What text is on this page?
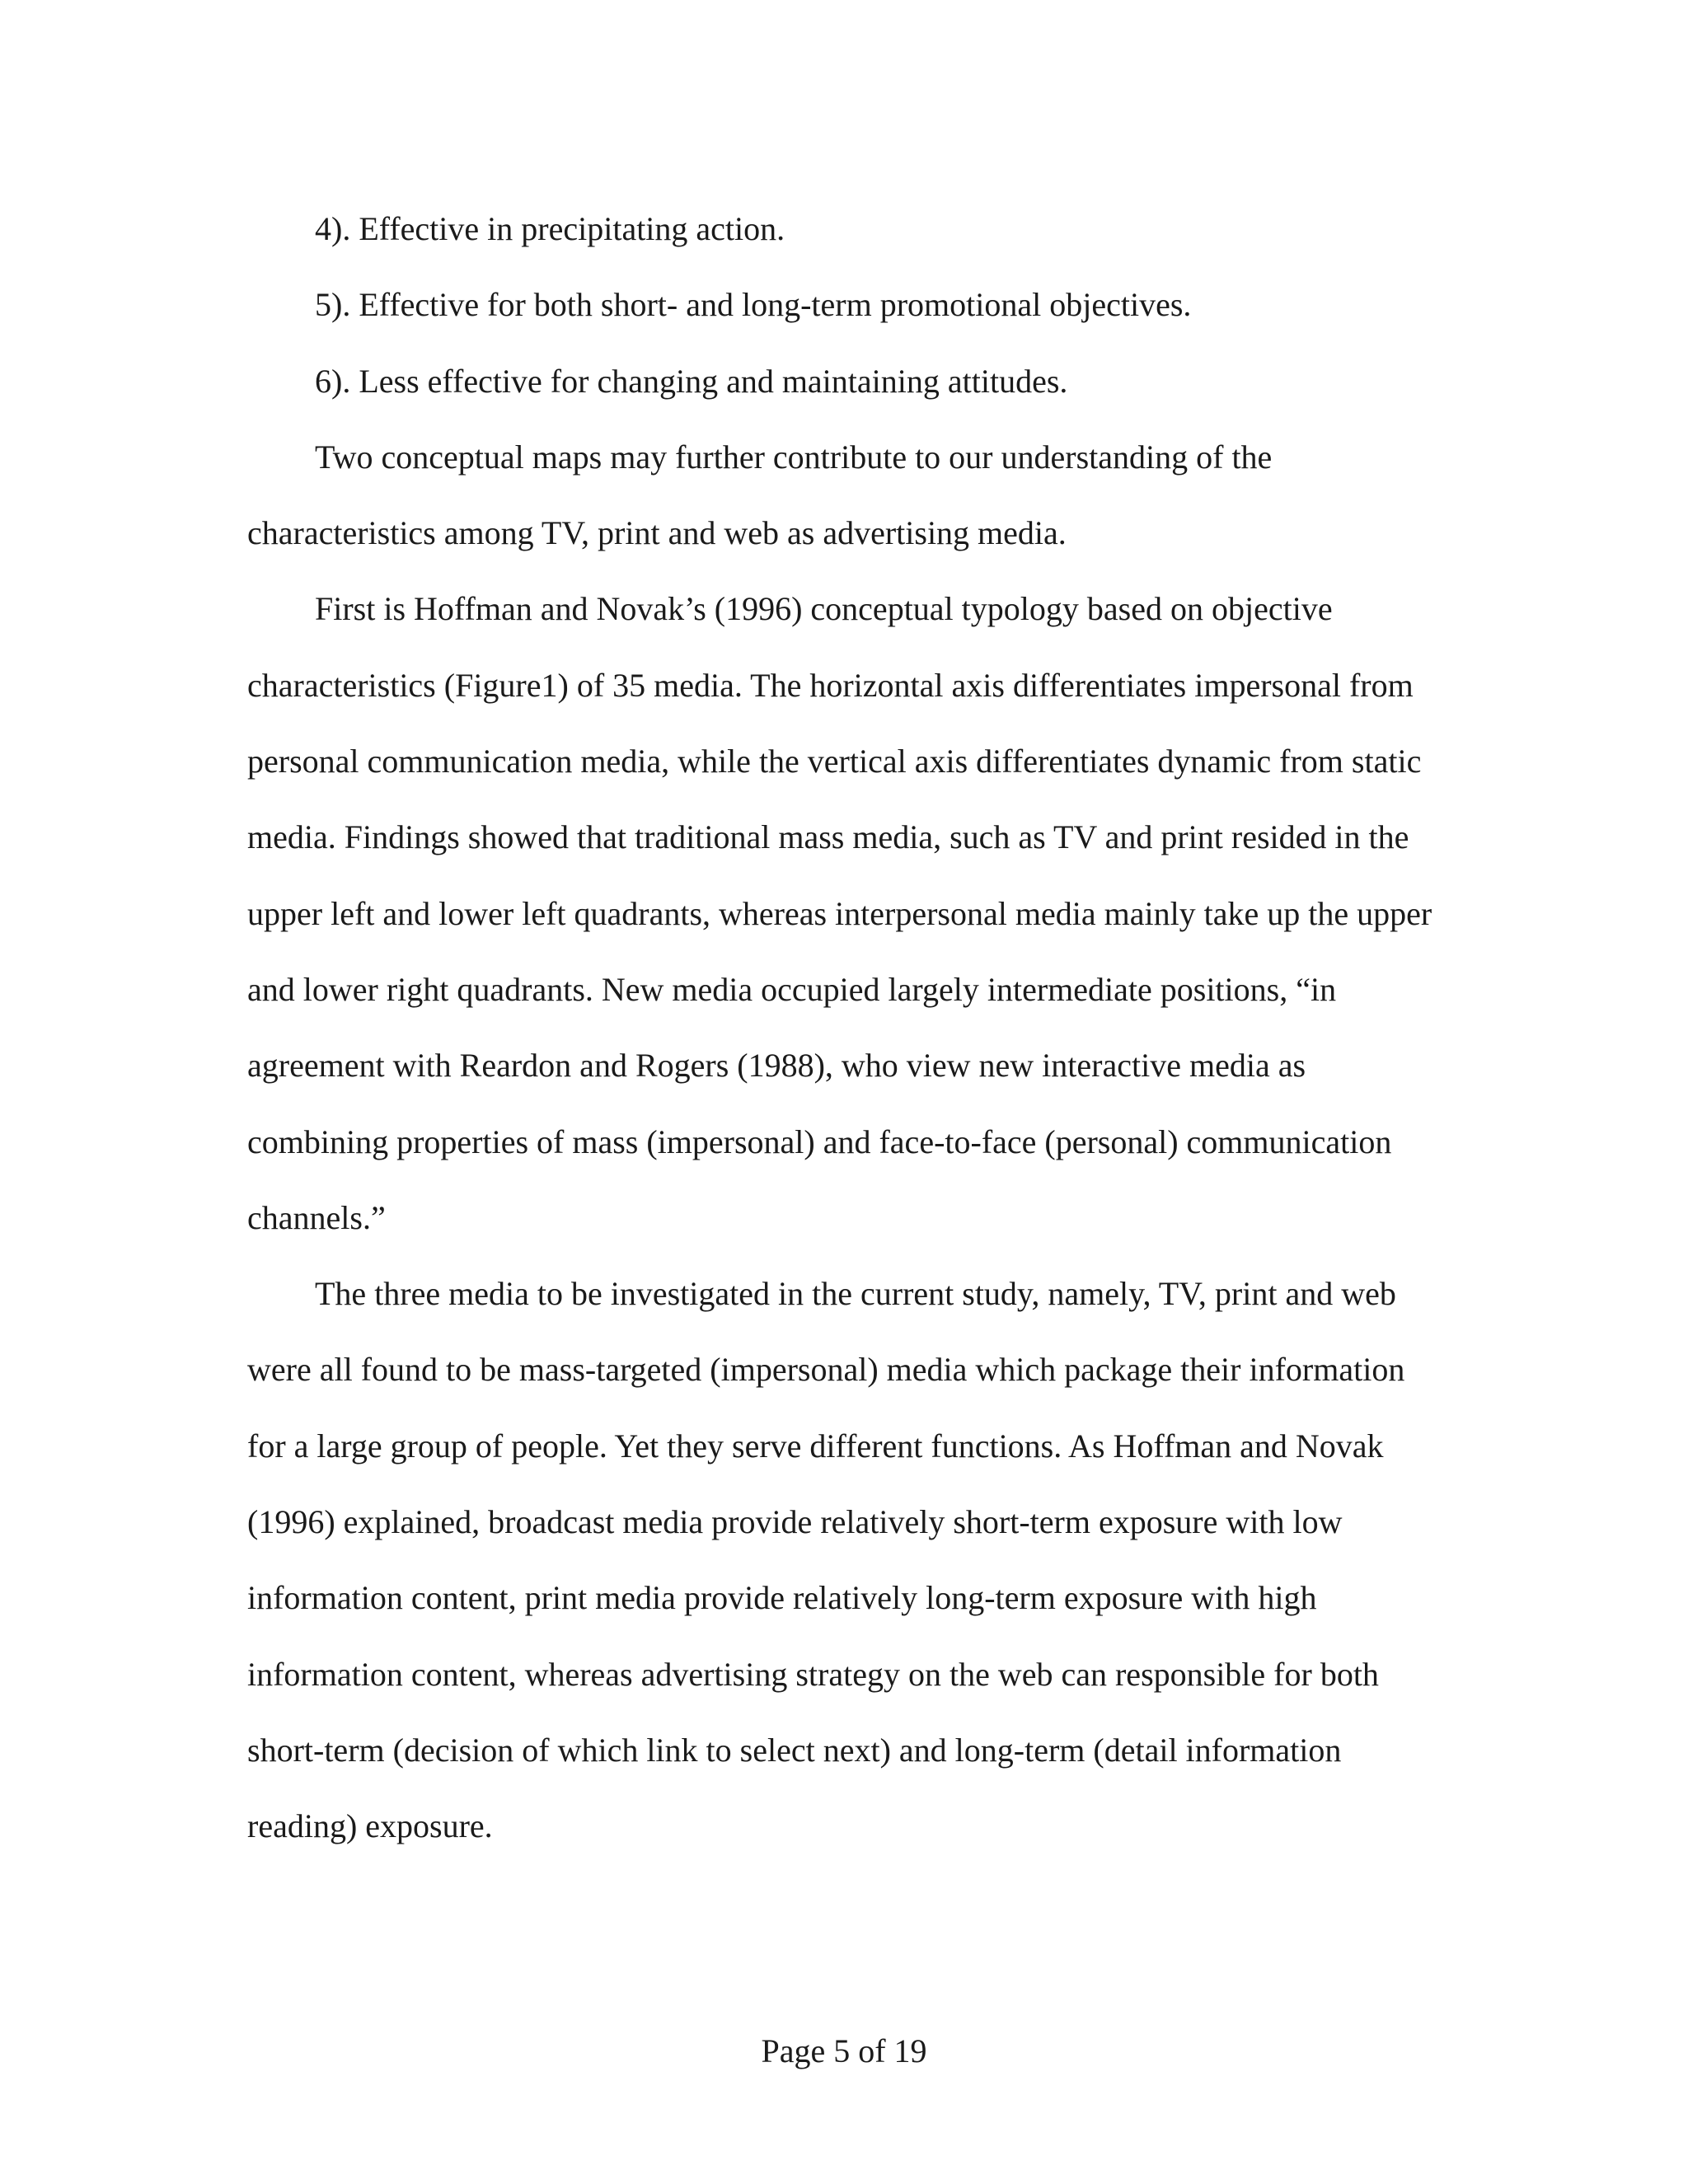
4). Effective in precipitating action.
5). Effective for both short- and long-term promotional objectives.
6). Less effective for changing and maintaining attitudes.
Two conceptual maps may further contribute to our understanding of the
characteristics among TV, print and web as advertising media.
First is Hoffman and Novak’s (1996) conceptual typology based on objective
characteristics (Figure1) of 35 media. The horizontal axis differentiates impersonal from
personal communication media, while the vertical axis differentiates dynamic from static
media. Findings showed that traditional mass media, such as TV and print resided in the
upper left and lower left quadrants, whereas interpersonal media mainly take up the upper
and lower right quadrants. New media occupied largely intermediate positions, “in
agreement with Reardon and Rogers (1988), who view new interactive media as
combining properties of mass (impersonal) and face-to-face (personal) communication
channels.”
The three media to be investigated in the current study, namely, TV, print and web
were all found to be mass-targeted (impersonal) media which package their information
for a large group of people. Yet they serve different functions. As Hoffman and Novak
(1996) explained, broadcast media provide relatively short-term exposure with low
information content, print media provide relatively long-term exposure with high
information content, whereas advertising strategy on the web can responsible for both
short-term (decision of which link to select next) and long-term (detail information
reading) exposure.
Page 5 of 19
